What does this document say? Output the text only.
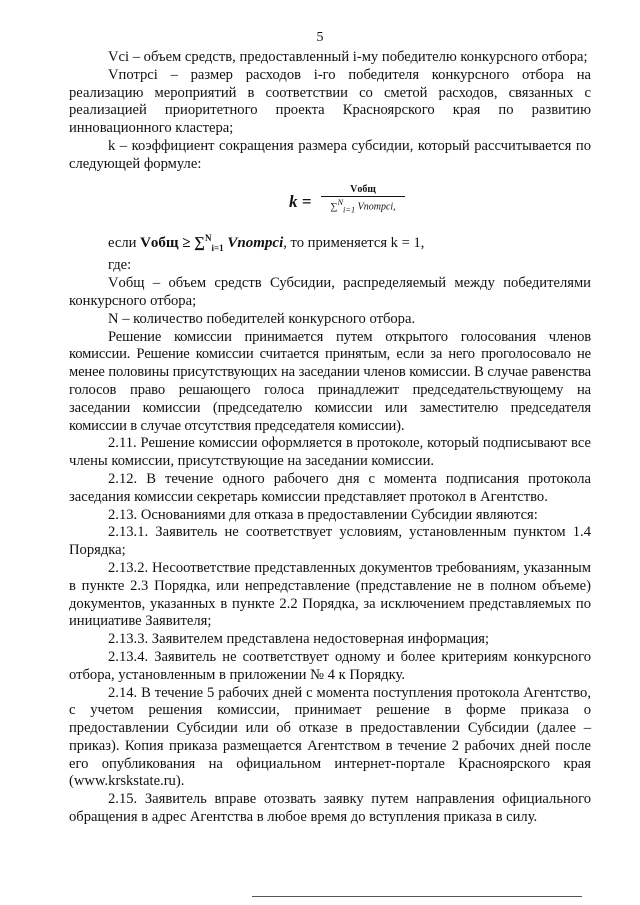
5

Vci – объем средств, предоставленный i-му победителю конкурсного отбора;

Vпотрci – размер расходов i-го победителя конкурсного отбора на реализацию мероприятий в соответствии со сметой расходов, связанных с реализацией приоритетного проекта Красноярского края по развитию инновационного кластера;

k – коэффициент сокращения размера субсидии, который рассчитывается по следующей формуле:

k =
Vобщ
∑$^N_{i=1}$ Vпотрci,

если Vобщ ≥ ∑$^N_{i=1}$ Vпотрci, то применяется k = 1,

где:

Vобщ – объем средств Субсидии, распределяемый между победителями конкурсного отбора;

N – количество победителей конкурсного отбора.

Решение комиссии принимается путем открытого голосования членов комиссии. Решение комиссии считается принятым, если за него проголосовало не менее половины присутствующих на заседании членов комиссии. В случае равенства голосов право решающего голоса принадлежит председательствующему на заседании комиссии (председателю комиссии или заместителю председателя комиссии в случае отсутствия председателя комиссии).

2.11. Решение комиссии оформляется в протоколе, который подписывают все члены комиссии, присутствующие на заседании комиссии.

2.12. В течение одного рабочего дня с момента подписания протокола заседания комиссии секретарь комиссии представляет протокол в Агентство.

2.13. Основаниями для отказа в предоставлении Субсидии являются:

2.13.1. Заявитель не соответствует условиям, установленным пунктом 1.4 Порядка;

2.13.2. Несоответствие представленных документов требованиям, указанным в пункте 2.3 Порядка, или непредставление (представление не в полном объеме) документов, указанных в пункте 2.2 Порядка, за исключением представляемых по инициативе Заявителя;

2.13.3. Заявителем представлена недостоверная информация;

2.13.4. Заявитель не соответствует одному и более критериям конкурсного отбора, установленным в приложении № 4 к Порядку.

2.14. В течение 5 рабочих дней с момента поступления протокола Агентство, с учетом решения комиссии, принимает решение в форме приказа о предоставлении Субсидии или об отказе в предоставлении Субсидии (далее – приказ). Копия приказа размещается Агентством в течение 2 рабочих дней после его опубликования на официальном интернет-портале Красноярского края (www.krskstate.ru).

2.15. Заявитель вправе отозвать заявку путем направления официального обращения в адрес Агентства в любое время до вступления приказа в силу.
